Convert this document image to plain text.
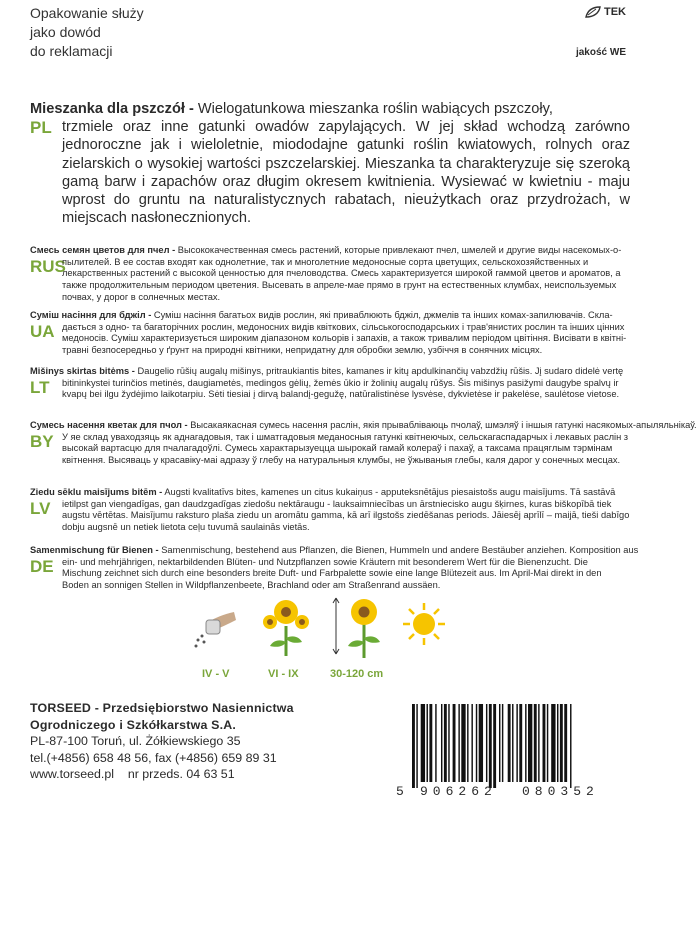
Opakowanie służy
jako dowód
do reklamacji
TEK
jakość WE
Mieszanka dla pszczół - Wielogatunkowa mieszanka roślin wabiących pszczoły,
PL trzmiele oraz inne gatunki owadów zapylających. W jej skład wchodzą zarówno jednoroczne jak i wieloletnie, miododajne gatunki roślin kwiatowych, rolnych oraz zielarskich o wysokiej wartości pszczelarskiej. Mieszanka ta charakteryzuje się szeroką gamą barw i zapachów oraz długim okresem kwitnienia. Wysiewać w kwietniu - maju wprost do gruntu na naturalistycznych rabatach, nieużytkach oraz przydrożach, w miejscach nasłonecznionych.

Смесь семян цветов для пчел - Высококачественная смесь растений, которые привлекают пчел, шмелей и другие виды насекомых-о-
RUS
пылителей. В ее состав входят как однолетние, так и многолетние медоносные сорта цветущих, сельскохозяйственных и лекарственных растений с высокой ценностью для пчеловодства. Смесь характеризуется широкой гаммой цветов и ароматов, а также продолжительным периодом цветения. Высевать в апреле-мае прямо в грунт на естественных клумбах, неиспользуемых почвах, у дорог в солнечных местах.
Суміш насіння для бджіл - Суміш насіння багатьох видів рослин, які приваблюють бджіл, джмелів та інших комах-запилювачів. Скла-
UA дається з одно- та багаторічних рослин, медоносних видів квіткових, сільськогосподарських і трав'янистих рослин та інших цінних медоносів. Суміш характеризується широким діапазоном кольорів і запахів, а також тривалим періодом цвітіння. Висівати в квітні-травні безпосередньо у ґрунт на природні квітники, непридатну для обробки землю, узбіччя в сонячних місцях.
Mišinys skirtas bitėms - Daugelio rūšių augalų mišinys, pritraukiantis bites, kamanes ir kitų apdulkinančių vabzdžių rūšis. Jį sudaro didelė vertę
LT	bitininkystei turinčios metinės, daugiametės, medingos gėlių, žemės ūkio ir žolinių augalų rūšys. Šis mišinys pasižymi daugybe spalvų ir kvapų bei ilgu žydėjimo laikotarpiu. Sėti tiesiai į dirvą balandį-gegužę, natūralistinėse lysvėse, dykvietėse ir pakelėse, saulėtose vietose.
Сумесь насення кветак для пчол - Высакаякасная сумесь насення раслін, якія прывабліваюць пчолаў, шмэляў і іншыя гатункі насякомых-апыляльнікаў.
BY У яе склад уваходзяць як аднагадовыя, так і шматгадовыя меданосныя гатункі квітнеючых, сельскагаспадарчых і лекавых раслін з высокай вартасцю для пчалагадоўлі. Сумесь характарызуецца шырокай гамай колераў і пахаў, а таксама працяглым тэрмінам квітнення. Высяваць у красавіку-маі адразу ў глебу на натуральныя клумбы, не ўжываныя глебы, каля дарог у сонечных месцах.
Ziedu sēklu maisījums bitēm - Augsti kvalitatīvs bites, kamenes un citus kukaiņus - apputeksnētājus piesaistošs augu maisījums. Tā sastāvā
LV	ietilpst gan viengadīgas, gan daudzgadīgas ziedošu nektāraugu - lauksaimniecības un ārstniecisko augu šķirnes, kuras biškopībā tiek augstu vērtētas. Maisījumu raksturo plaša ziedu un aromātu gamma, kā arī ilgstošs ziedēšanas periods. Jāiesēj aprīlī – maijā, tieši dabīgo dobju augsnē un netiek lietota ceļu tuvumā saulainās vietās.
Samenmischung für Bienen - Samenmischung, bestehend aus Pflanzen, die Bienen, Hummeln und andere Bestäuber anziehen. Komposition aus
DE ein- und mehrjährigen, nektarbildenden Blüten- und Nutzpflanzen sowie Kräutern mit besonderem Wert für die Bienenzucht. Die Mischung zeichnet sich durch eine besonders breite Duft- und Farbpalette sowie eine lange Blütezeit aus. Im April-Mai direkt in den Boden an sonnigen Stellen in Wildpflanzenbeete, Brachland oder am Straßenrand aussäen.
IV - V	VI - IX	30-120 cm
TORSEED - Przedsiębiorstwo Nasiennictwa
Ogrodniczego i Szkółkarstwa S.A.
PL-87-100 Toruń, ul. Żółkiewskiego 35
tel.(+4856) 658 48 56, fax (+4856) 659 89 31
www.torseed.pl nr przeds. 04 63 51
5 906262 080352
